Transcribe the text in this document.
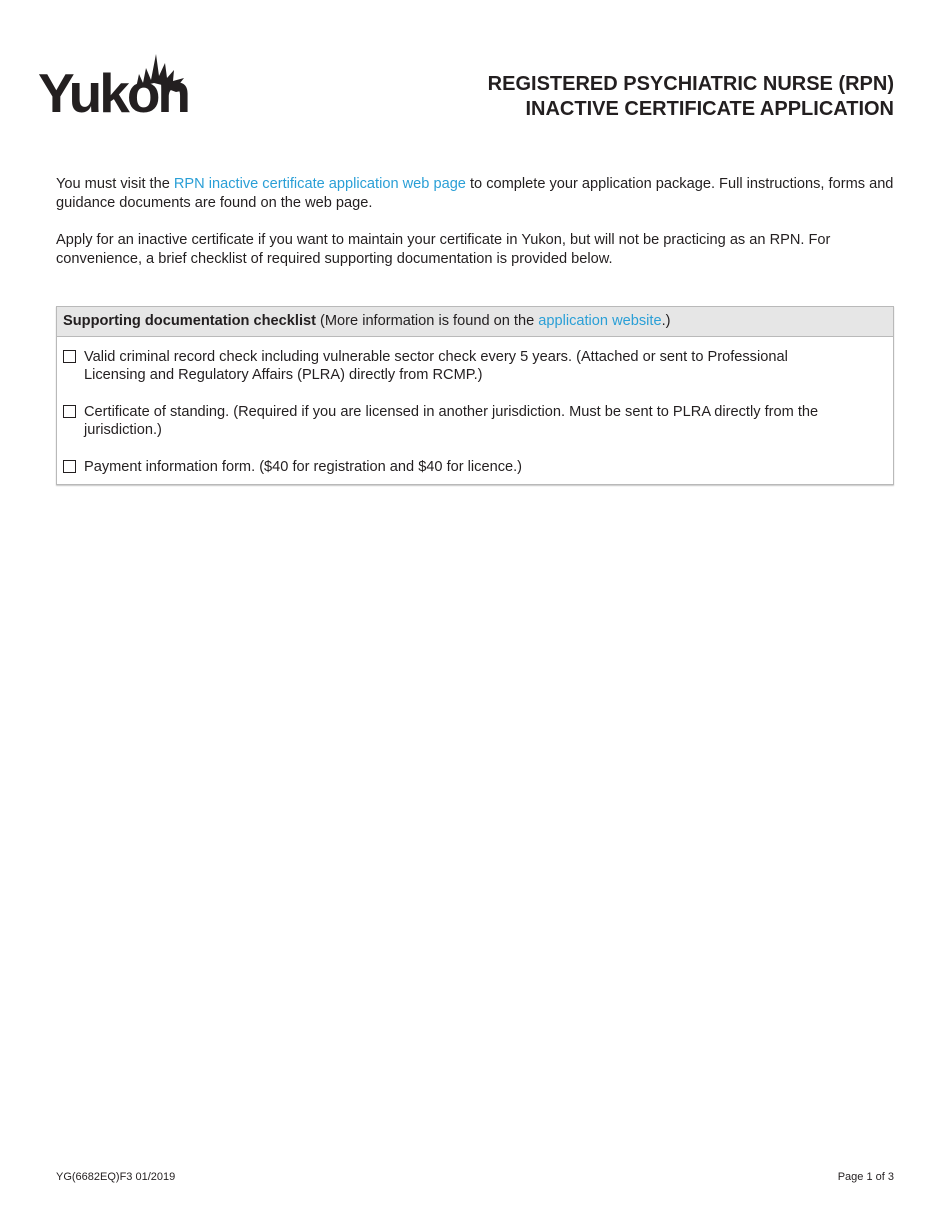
Yukon	REGISTERED PSYCHIATRIC NURSE (RPN)
INACTIVE CERTIFICATE APPLICATION

You must visit the RPN inactive certificate application web page to complete your application package. Full instructions, forms and guidance documents are found on the web page.

Apply for an inactive certificate if you want to maintain your certificate in Yukon, but will not be practicing as an RPN. For convenience, a brief checklist of required supporting documentation is provided below.

Supporting documentation checklist (More information is found on the application website.)
Valid criminal record check including vulnerable sector check every 5 years. (Attached or sent to Professional Licensing and Regulatory Affairs (PLRA) directly from RCMP.)
Certificate of standing. (Required if you are licensed in another jurisdiction. Must be sent to PLRA directly from the jurisdiction.)
Payment information form. ($40 for registration and $40 for licence.)
YG(6682EQ)F3 01/2019	Page 1 of 3
